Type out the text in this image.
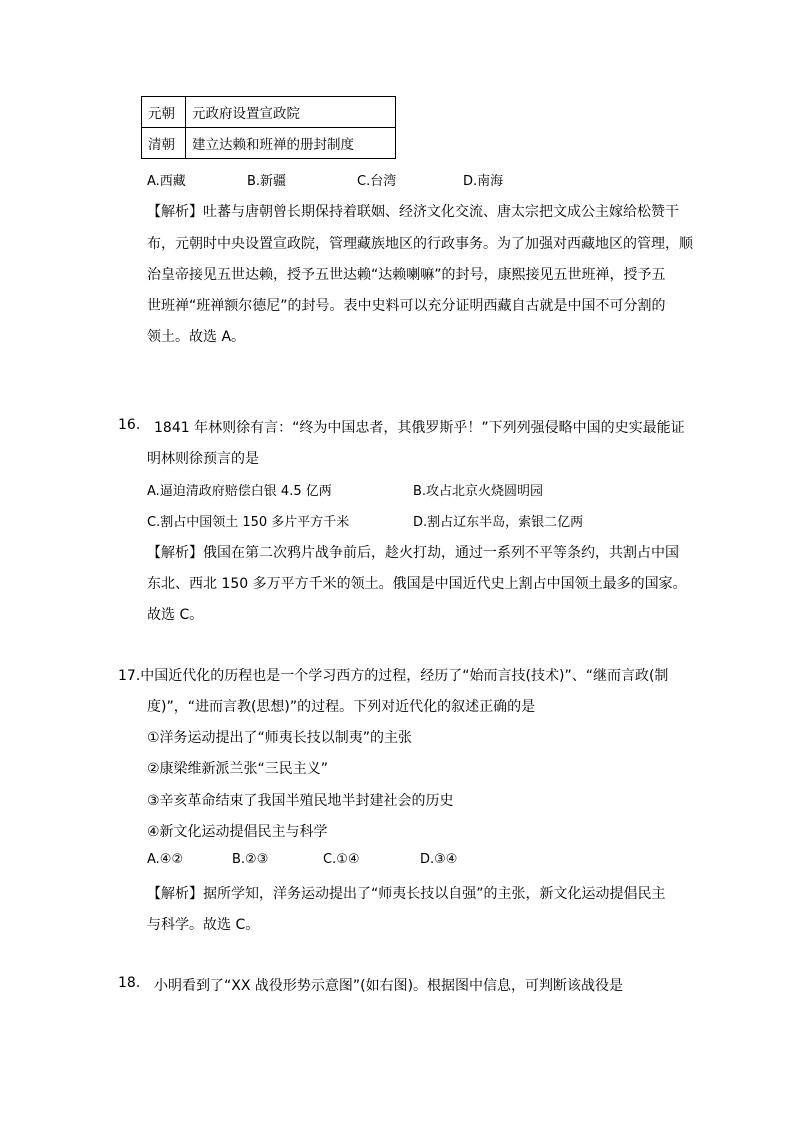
元朝	元政府设置宣政院
清朝	建立达赖和班禅的册封制度
A.西藏	B.新疆	C.台湾	D.南海
【解析】吐蕃与唐朝曾长期保持着联姻、经济文化交流、唐太宗把文成公主嫁给松赞干
布，元朝时中央设置宣政院，管理藏族地区的行政事务。为了加强对西藏地区的管理，顺
治皇帝接见五世达赖，授予五世达赖“达赖喇嘛”的封号，康熙接见五世班禅，授予五
世班禅“班禅额尔德尼”的封号。表中史料可以充分证明西藏自古就是中国不可分割的
领土。故选 A。
16. 1841 年林则徐有言：“终为中国忠者，其俄罗斯乎！”下列列强侵略中国的史实最能证
明林则徐预言的是
A.逼迫清政府赔偿白银 4.5 亿两	B.攻占北京火烧圆明园
C.割占中国领土 150 多片平方千米	D.割占辽东半岛，索银二亿两
【解析】俄国在第二次鸦片战争前后，趁火打劫，通过一系列不平等条约，共割占中国
东北、西北 150 多万平方千米的领土。俄国是中国近代史上割占中国领土最多的国家。
故选 C。
17.中国近代化的历程也是一个学习西方的过程，经历了“始而言技(技术)”、“继而言政(制
度)”，“进而言教(思想)”的过程。下列对近代化的叙述正确的是
①洋务运动提出了“师夷长技以制夷”的主张
②康梁维新派兰张“三民主义”
③辛亥革命结束了我国半殖民地半封建社会的历史
④新文化运动提倡民主与科学
A.④②	B.②③	C.①④	D.③④
【解析】据所学知，洋务运动提出了“师夷长技以自强”的主张，新文化运动提倡民主
与科学。故选 C。
18. 小明看到了“XX 战役形势示意图”(如右图)。根据图中信息，可判断该战役是
